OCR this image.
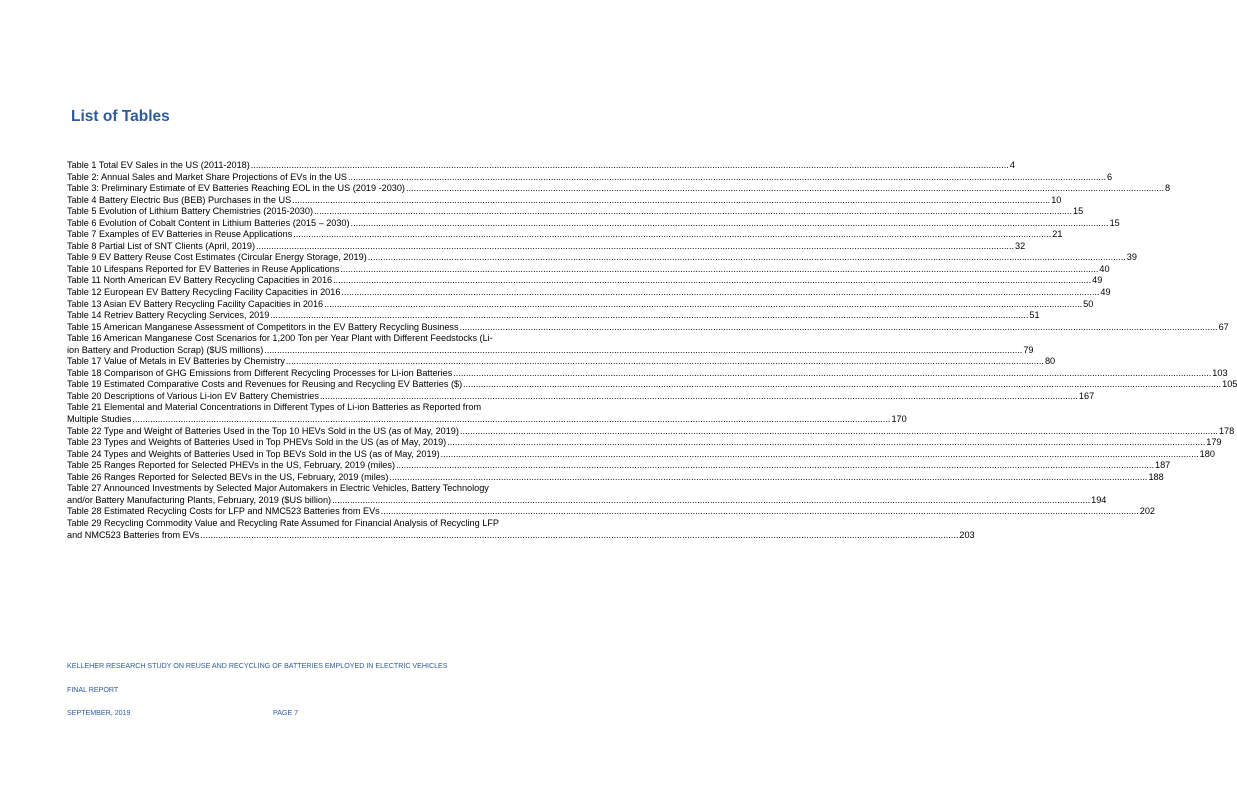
List of Tables
Table 1 Total EV Sales in the US (2011-2018) ........................................................................................................................................................................................................................................................................................................... 4
Table 2: Annual Sales and Market Share Projections of EVs in the US ........................................................................................................................................................................................................................................................................................................... 6
Table 3: Preliminary Estimate of EV Batteries Reaching EOL in the US (2019 -2030) ........................................................................................................................................................................................................................................................................................................... 8
Table 4 Battery Electric Bus (BEB) Purchases in the US ........................................................................................................................................................................................................................................................................................................... 10
Table 5 Evolution of Lithium Battery Chemistries (2015-2030) ........................................................................................................................................................................................................................................................................................................... 15
Table 6 Evolution of Cobalt Content in Lithium Batteries (2015 – 2030) ........................................................................................................................................................................................................................................................................................................... 15
Table 7 Examples of EV Batteries in Reuse Applications ........................................................................................................................................................................................................................................................................................................... 21
Table 8 Partial List of SNT Clients (April, 2019) ........................................................................................................................................................................................................................................................................................................... 32
Table 9 EV Battery Reuse Cost Estimates (Circular Energy Storage, 2019) ........................................................................................................................................................................................................................................................................................................... 39
Table 10 Lifespans Reported for EV Batteries in Reuse Applications ........................................................................................................................................................................................................................................................................................................... 40
Table 11 North American EV Battery Recycling Capacities in 2016 ........................................................................................................................................................................................................................................................................................................... 49
Table 12 European EV Battery Recycling Facility Capacities in 2016 ........................................................................................................................................................................................................................................................................................................... 49
Table 13 Asian EV Battery Recycling Facility Capacities in 2016 ........................................................................................................................................................................................................................................................................................................... 50
Table 14 Retriev Battery Recycling Services, 2019 ........................................................................................................................................................................................................................................................................................................... 51
Table 15 American Manganese Assessment of Competitors in the EV Battery Recycling Business ........................................................................................................................................................................................................................................................................................................... 67
Table 16 American Manganese Cost Scenarios for 1,200 Ton per Year Plant with Different Feedstocks (Li-
ion Battery and Production Scrap) ($US millions) ........................................................................................................................................................................................................................................................................................................... 79
Table 17 Value of Metals in EV Batteries by Chemistry ........................................................................................................................................................................................................................................................................................................... 80
Table 18 Comparison of GHG Emissions from Different Recycling Processes for Li-ion Batteries ........................................................................................................................................................................................................................................................................................................... 103
Table 19 Estimated Comparative Costs and Revenues for Reusing and Recycling EV Batteries ($) ........................................................................................................................................................................................................................................................................................................... 105
Table 20 Descriptions of Various Li-ion EV Battery Chemistries ........................................................................................................................................................................................................................................................................................................... 167
Table 21 Elemental and Material Concentrations in Different Types of Li-ion Batteries as Reported from
Multiple Studies ........................................................................................................................................................................................................................................................................................................... 170
Table 22 Type and Weight of Batteries Used in the Top 10 HEVs Sold in the US (as of May, 2019) ........................................................................................................................................................................................................................................................................................................... 178
Table 23 Types and Weights of Batteries Used in Top PHEVs Sold in the US (as of May, 2019) ........................................................................................................................................................................................................................................................................................................... 179
Table 24 Types and Weights of Batteries Used in Top BEVs Sold in the US (as of May, 2019) ........................................................................................................................................................................................................................................................................................................... 180
Table 25 Ranges Reported for Selected PHEVs in the US, February, 2019 (miles) ........................................................................................................................................................................................................................................................................................................... 187
Table 26 Ranges Reported for Selected BEVs in the US, February, 2019 (miles) ........................................................................................................................................................................................................................................................................................................... 188
Table 27 Announced Investments by Selected Major Automakers in Electric Vehicles, Battery Technology
and/or Battery Manufacturing Plants, February, 2019 ($US billion) ........................................................................................................................................................................................................................................................................................................... 194
Table 28 Estimated Recycling Costs for LFP and NMC523 Batteries from EVs ........................................................................................................................................................................................................................................................................................................... 202
Table 29 Recycling Commodity Value and Recycling Rate Assumed for Financial Analysis of Recycling LFP
and NMC523 Batteries from EVs ........................................................................................................................................................................................................................................................................................................... 203
KELLEHER RESEARCH STUDY ON REUSE AND RECYCLING OF BATTERIES EMPLOYED IN ELECTRIC VEHICLES
FINAL REPORT
SEPTEMBER, 2019	PAGE 7
